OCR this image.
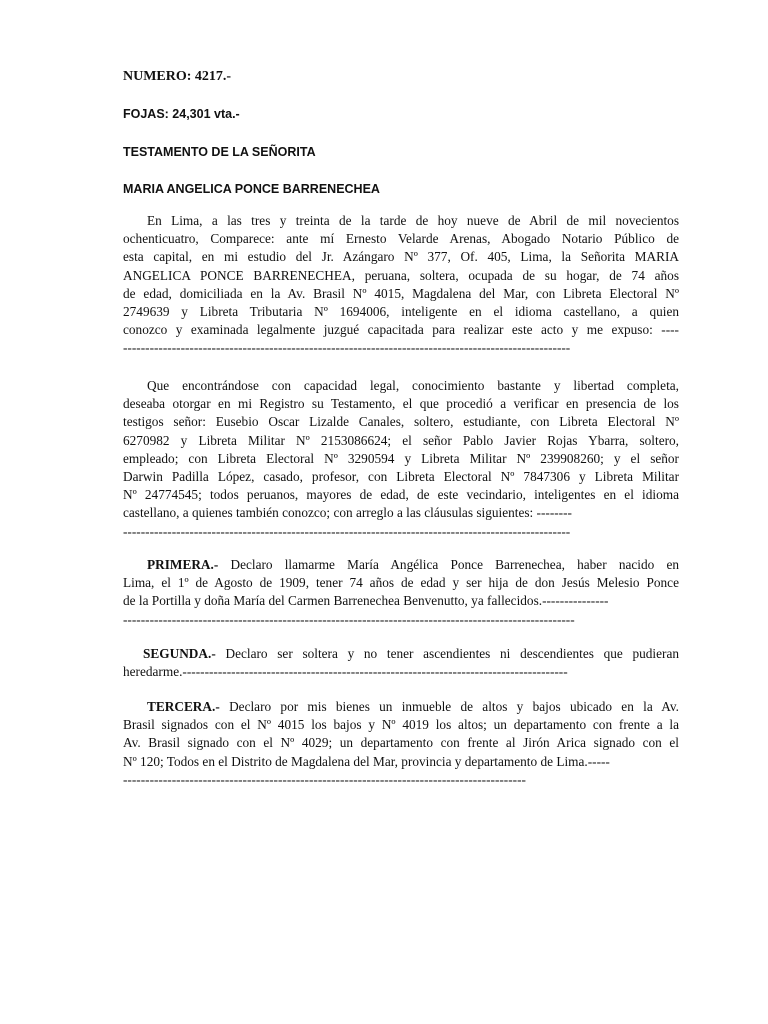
NUMERO: 4217.-

FOJAS: 24,301 vta.-

TESTAMENTO DE LA SEÑORITA

MARIA ANGELICA PONCE BARRENECHEA

En Lima, a las tres y treinta de la tarde de hoy nueve de Abril de mil novecientos
ochenticuatro, Comparece: ante mí Ernesto Velarde Arenas, Abogado Notario Público de
esta capital, en mi estudio del Jr. Azángaro Nº 377, Of. 405, Lima, la Señorita MARIA
ANGELICA PONCE BARRENECHEA, peruana, soltera, ocupada de su hogar, de 74 años
de edad, domiciliada en la Av. Brasil Nº 4015, Magdalena del Mar, con Libreta Electoral Nº
2749639 y Libreta Tributaria Nº 1694006, inteligente en el idioma castellano, a quien
conozco y examinada legalmente juzgué capacitada para realizar este acto y me expuso: ----
-----------------------------------------------------------------------------------------------------
Que encontrándose con capacidad legal, conocimiento bastante y libertad completa,
deseaba otorgar en mi Registro su Testamento, el que procedió a verificar en presencia de los
testigos señor: Eusebio Oscar Lizalde Canales, soltero, estudiante, con Libreta Electoral Nº
6270982 y Libreta Militar Nº 2153086624; el señor Pablo Javier Rojas Ybarra, soltero,
empleado; con Libreta Electoral Nº 3290594 y Libreta Militar Nº 239908260; y el señor
Darwin Padilla López, casado, profesor, con Libreta Electoral Nº 7847306 y Libreta Militar
Nº 24774545; todos peruanos, mayores de edad, de este vecindario, inteligentes en el idioma
castellano, a quienes también conozco; con arreglo a las cláusulas siguientes: --------
-----------------------------------------------------------------------------------------------------
PRIMERA.- Declaro llamarme María Angélica Ponce Barrenechea, haber nacido en
Lima, el 1º de Agosto de 1909, tener 74 años de edad y ser hija de don Jesús Melesio Ponce
de la Portilla y doña María del Carmen Barrenechea Benvenutto, ya fallecidos.---------------
------------------------------------------------------------------------------------------------------
SEGUNDA.- Declaro ser soltera y no tener ascendientes ni descendientes que pudieran
heredarme.---------------------------------------------------------------------------------------
TERCERA.- Declaro por mis bienes un inmueble de altos y bajos ubicado en la Av.
Brasil signados con el Nº 4015 los bajos y Nº 4019 los altos; un departamento con frente a la
Av. Brasil signado con el Nº 4029; un departamento con frente al Jirón Arica signado con el
Nº 120; Todos en el Distrito de Magdalena del Mar, provincia y departamento de Lima.-----
-------------------------------------------------------------------------------------------
